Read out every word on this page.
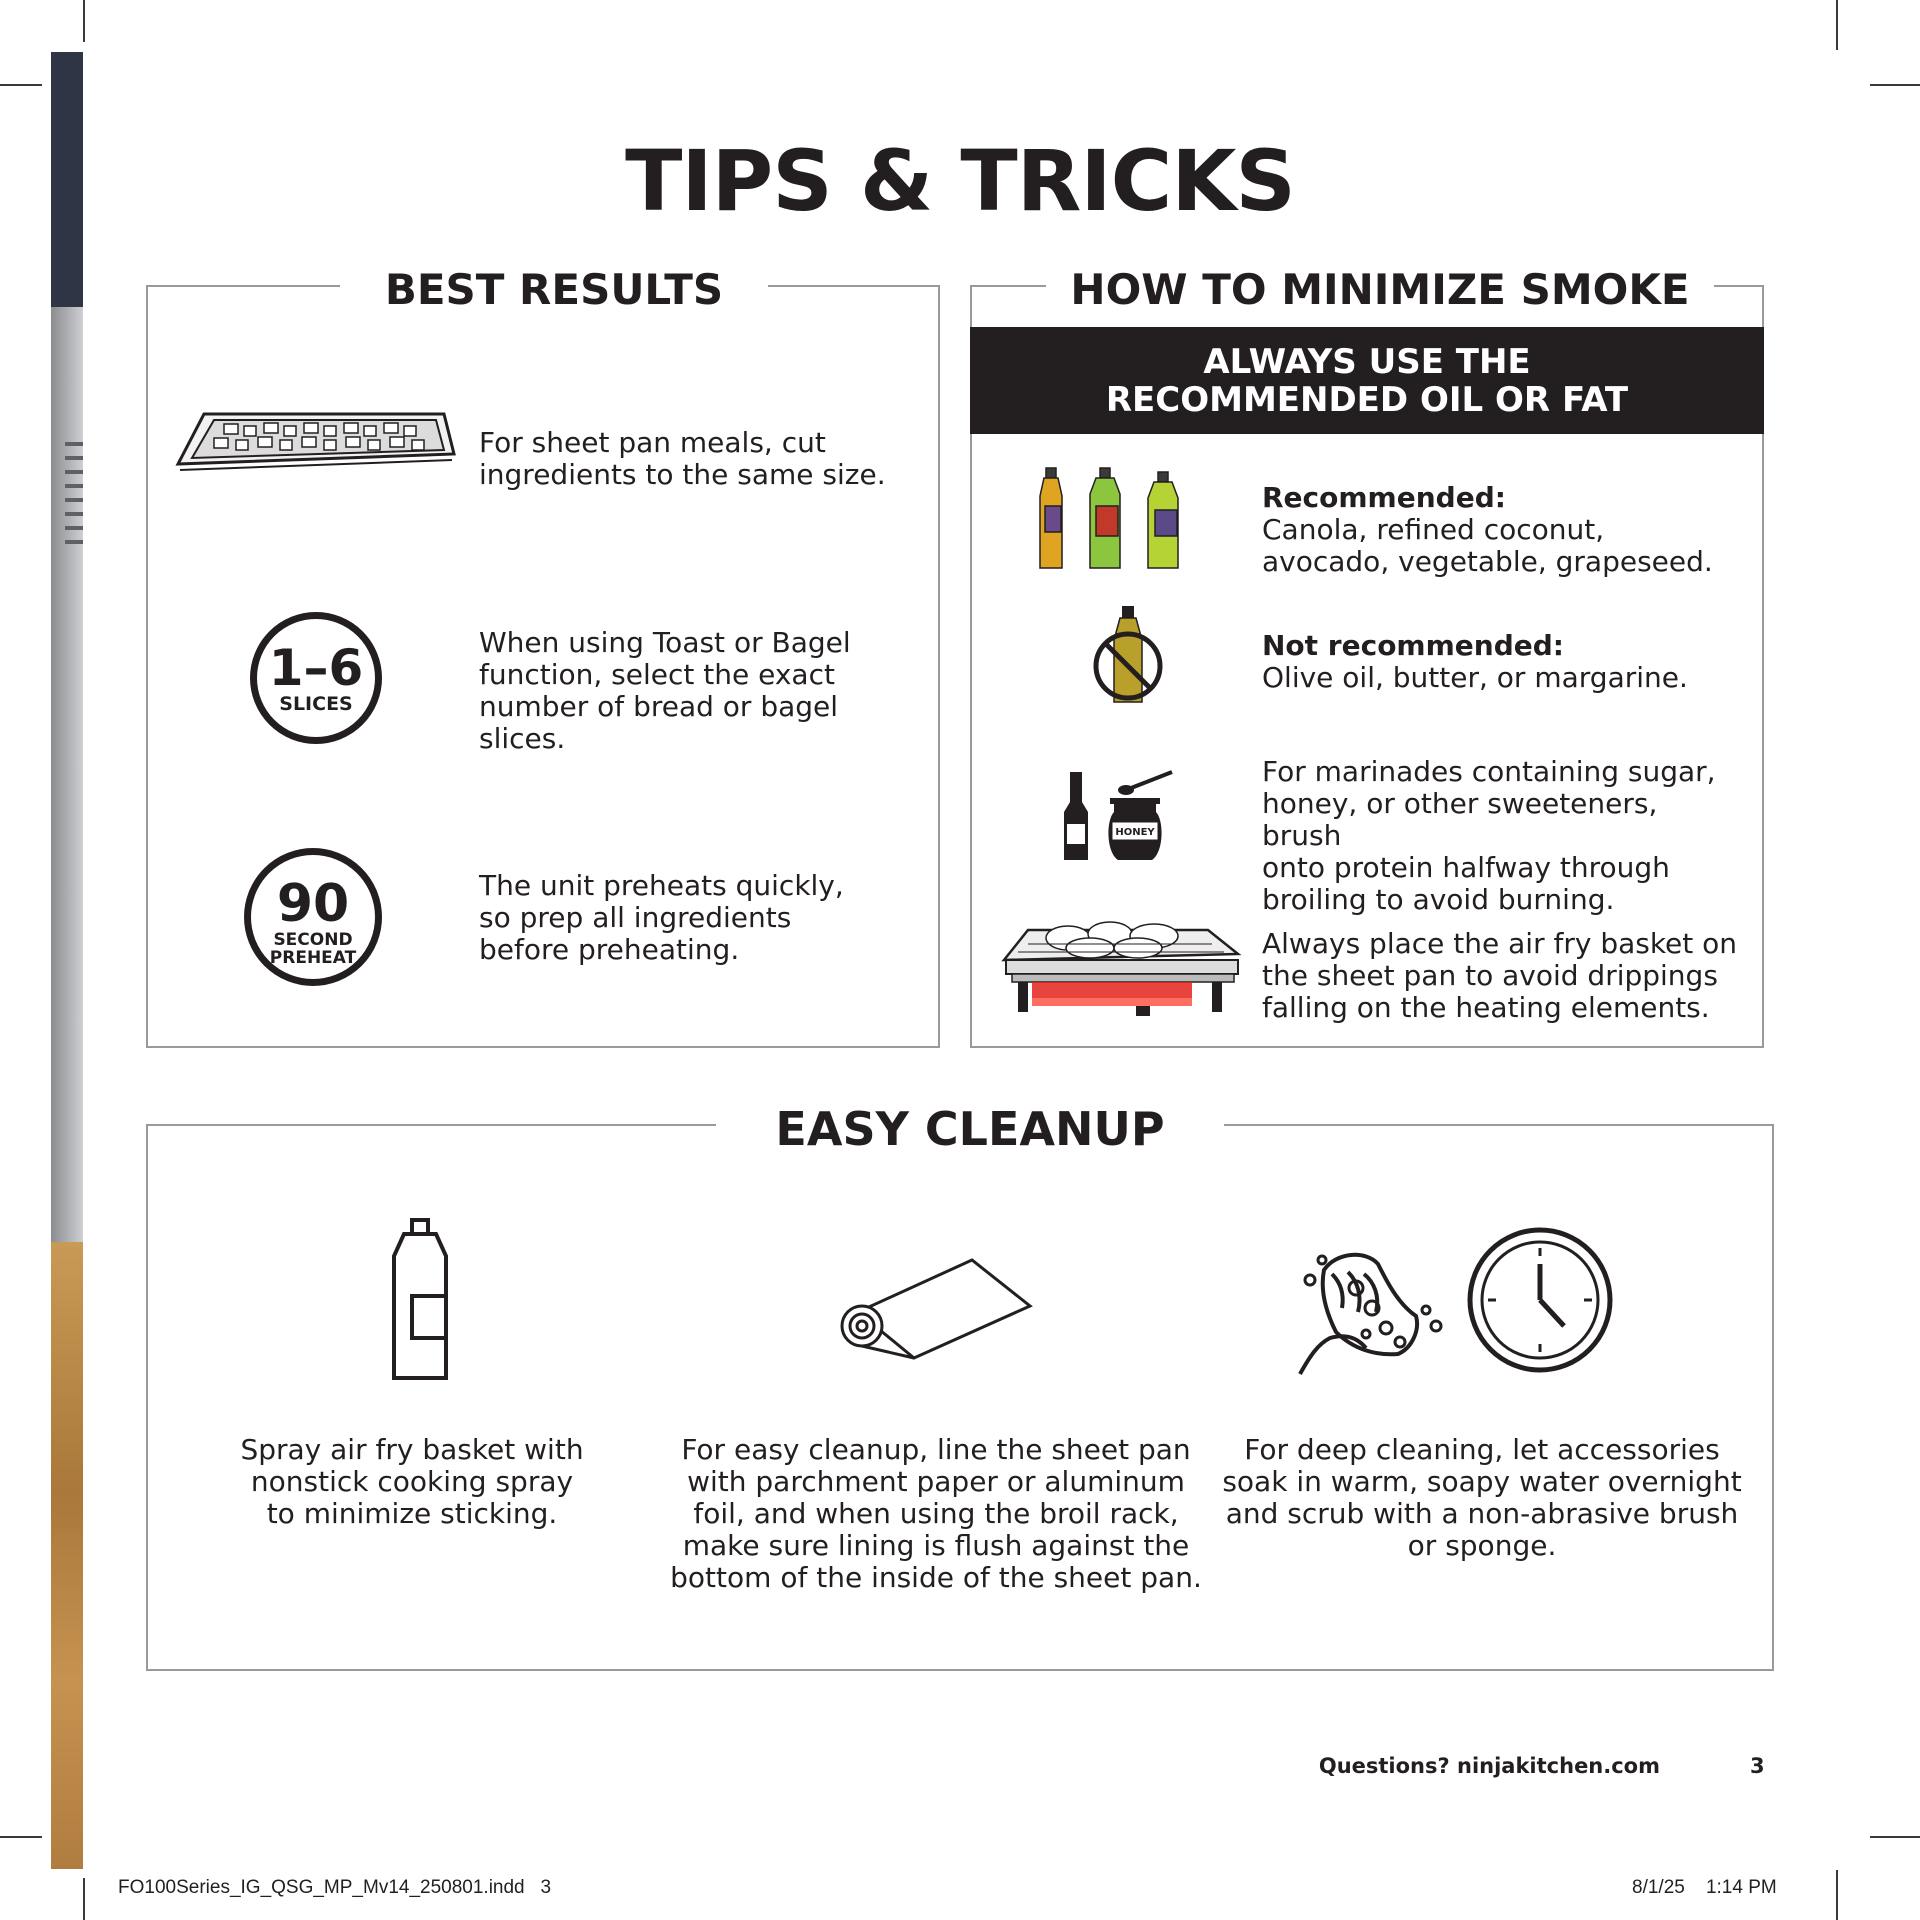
TIPS & TRICKS
BEST RESULTS
For sheet pan meals, cut
ingredients to the same size.
1–6
SLICES
When using Toast or Bagel
function, select the exact
number of bread or bagel slices.
90
SECOND
PREHEAT
The unit preheats quickly,
so prep all ingredients
before preheating.
HOW TO MINIMIZE SMOKE
ALWAYS USE THE
RECOMMENDED OIL OR FAT
Recommended:
Canola, refined coconut,
avocado, vegetable, grapeseed.
Not recommended:
Olive oil, butter, or margarine.
HONEY
For marinades containing sugar,
honey, or other sweeteners, brush
onto protein halfway through
broiling to avoid burning.
Always place the air fry basket on
the sheet pan to avoid drippings
falling on the heating elements.
EASY CLEANUP
Spray air fry basket with
nonstick cooking spray
to minimize sticking.
For easy cleanup, line the sheet pan
with parchment paper or aluminum
foil, and when using the broil rack,
make sure lining is flush against the
bottom of the inside of the sheet pan.
For deep cleaning, let accessories
soak in warm, soapy water overnight
and scrub with a non-abrasive brush
or sponge.
Questions? ninjakitchen.com	3
FO100Series_IG_QSG_MP_Mv14_250801.indd 3	8/1/25 1:14 PM
